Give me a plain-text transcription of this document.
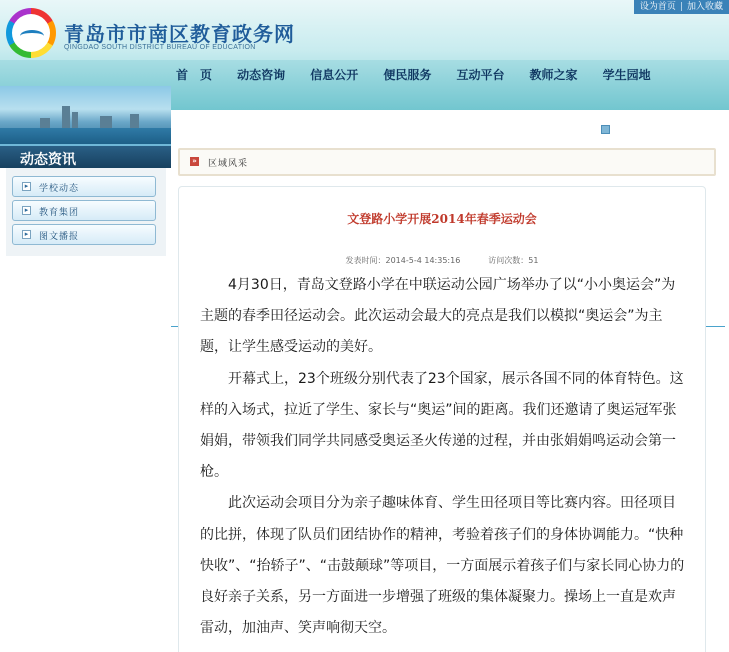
青岛市市南区教育政务网
QINGDAO SOUTH DISTRICT BUREAU OF EDUCATION
设为首页 | 加入收藏
首　页 动态咨询 信息公开 便民服务 互动平台 教师之家 学生园地
动态资讯
▸	学校动态
▸	教育集团
▸	图文播报
» 区域风采
文登路小学开展2014年春季运动会
发表时间：2014-5-4 14:35:16	访问次数：51

4月30日，青岛文登路小学在中联运动公园广场举办了以“小小奥运会”为主题的春季田径运动会。此次运动会最大的亮点是我们以模拟“奥运会”为主题，让学生感受运动的美好。

开幕式上，23个班级分别代表了23个国家，展示各国不同的体育特色。这样的入场式，拉近了学生、家长与“奥运”间的距离。我们还邀请了奥运冠军张娟娟，带领我们同学共同感受奥运圣火传递的过程，并由张娟娟鸣运动会第一枪。

此次运动会项目分为亲子趣味体育、学生田径项目等比赛内容。田径项目的比拼，体现了队员们团结协作的精神，考验着孩子们的身体协调能力。“快种快收”、“抬轿子”、“击鼓颠球”等项目，一方面展示着孩子们与家长同心协力的良好亲子关系，另一方面进一步增强了班级的集体凝聚力。操场上一直是欢声雷动，加油声、笑声响彻天空。
